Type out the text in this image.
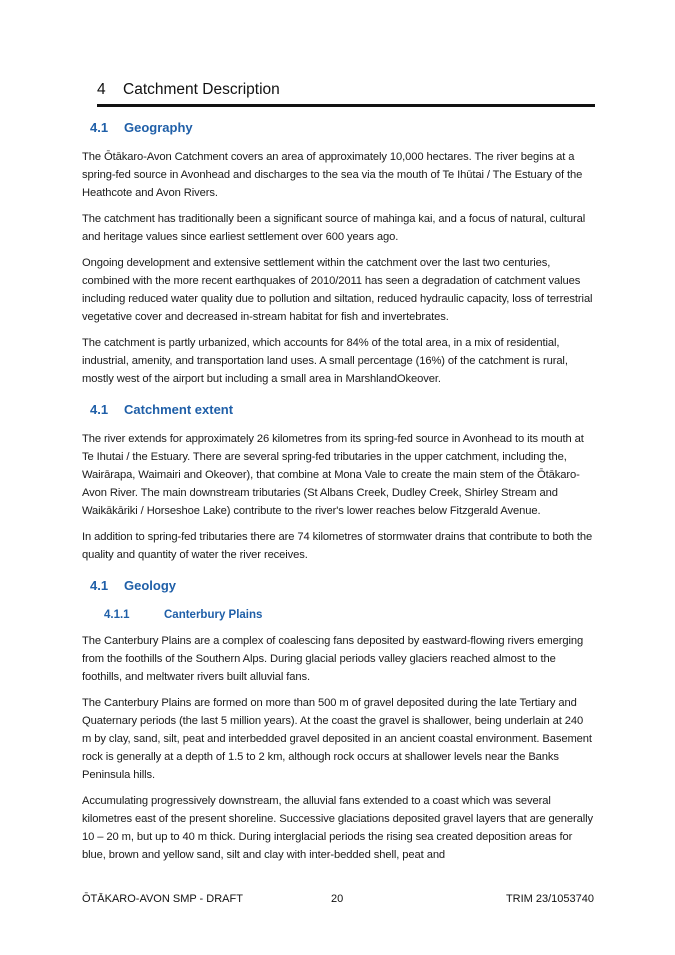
4 Catchment Description
4.1 Geography

The Ōtākaro-Avon Catchment covers an area of approximately 10,000 hectares. The river begins at a spring-fed source in Avonhead and discharges to the sea via the mouth of Te Ihūtai / The Estuary of the Heathcote and Avon Rivers.

The catchment has traditionally been a significant source of mahinga kai, and a focus of natural, cultural and heritage values since earliest settlement over 600 years ago.

Ongoing development and extensive settlement within the catchment over the last two centuries, combined with the more recent earthquakes of 2010/2011 has seen a degradation of catchment values including reduced water quality due to pollution and siltation, reduced hydraulic capacity, loss of terrestrial vegetative cover and decreased in-stream habitat for fish and invertebrates.

The catchment is partly urbanized, which accounts for 84% of the total area, in a mix of residential, industrial, amenity, and transportation land uses. A small percentage (16%) of the catchment is rural, mostly west of the airport but including a small area in MarshlandOkeover.

4.1 Catchment extent

The river extends for approximately 26 kilometres from its spring-fed source in Avonhead to its mouth at Te Ihutai / the Estuary. There are several spring-fed tributaries in the upper catchment, including the, Wairārapa, Waimairi and Okeover), that combine at Mona Vale to create the main stem of the Ōtākaro-Avon River. The main downstream tributaries (St Albans Creek, Dudley Creek, Shirley Stream and Waikākāriki / Horseshoe Lake) contribute to the river's lower reaches below Fitzgerald Avenue.

In addition to spring-fed tributaries there are 74 kilometres of stormwater drains that contribute to both the quality and quantity of water the river receives.

4.1 Geology
4.1.1	Canterbury Plains

The Canterbury Plains are a complex of coalescing fans deposited by eastward-flowing rivers emerging from the foothills of the Southern Alps. During glacial periods valley glaciers reached almost to the foothills, and meltwater rivers built alluvial fans.

The Canterbury Plains are formed on more than 500 m of gravel deposited during the late Tertiary and Quaternary periods (the last 5 million years). At the coast the gravel is shallower, being underlain at 240 m by clay, sand, silt, peat and interbedded gravel deposited in an ancient coastal environment. Basement rock is generally at a depth of 1.5 to 2 km, although rock occurs at shallower levels near the Banks Peninsula hills.

Accumulating progressively downstream, the alluvial fans extended to a coast which was several kilometres east of the present shoreline. Successive glaciations deposited gravel layers that are generally 10 – 20 m, but up to 40 m thick. During interglacial periods the rising sea created deposition areas for blue, brown and yellow sand, silt and clay with inter-bedded shell, peat and

ŌTĀKARO-AVON SMP - DRAFT	20	TRIM 23/1053740
